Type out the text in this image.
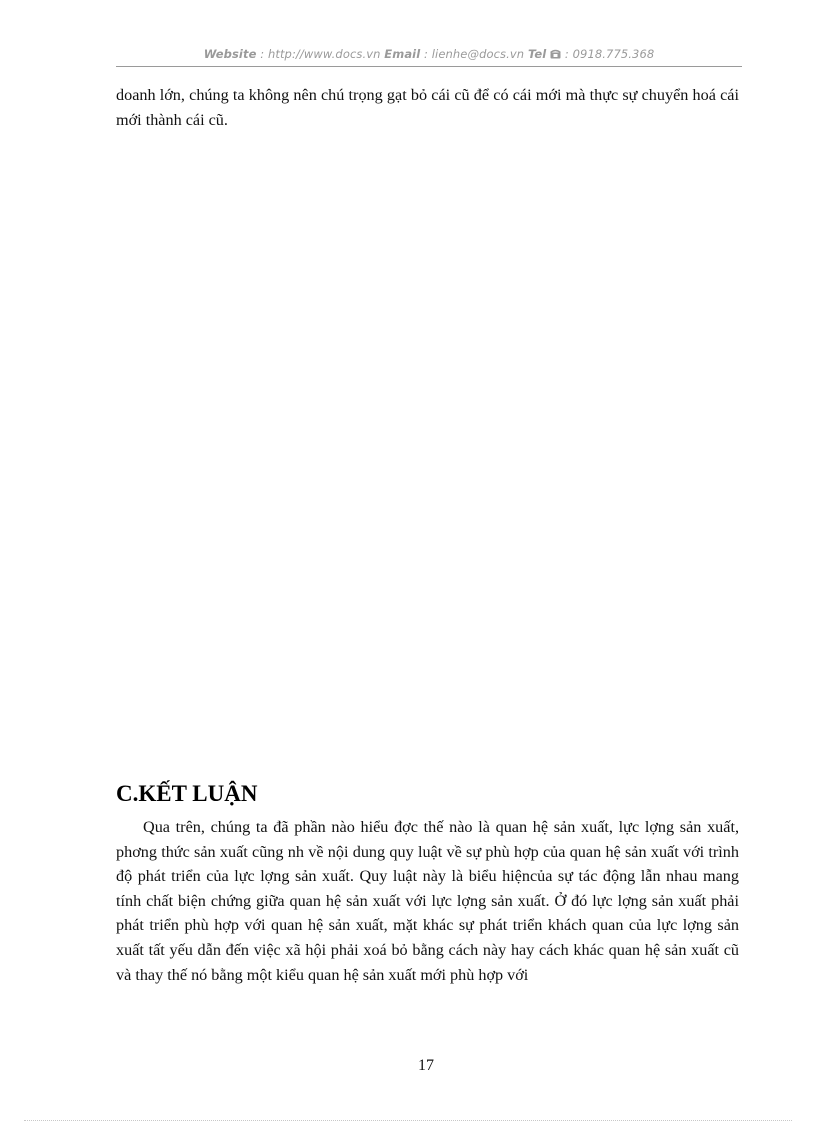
Website : http://www.docs.vn Email : lienhe@docs.vn Tel  : 0918.775.368

doanh lớn, chúng ta không nên chú trọng gạt bỏ cái cũ để có cái mới mà thực sự chuyển hoá cái mới thành cái cũ.

C.KẾT LUẬN

Qua trên, chúng ta đã phần nào hiểu đợc thế nào là quan hệ sản xuất, lực lợng sản xuất, phơng thức sản xuất cũng nh về nội dung quy luật về sự phù hợp của quan hệ sản xuất với trình độ phát triển của lực lợng sản xuất. Quy luật này là biểu hiệncủa sự tác động lẫn nhau mang tính chất biện chứng giữa quan hệ sản xuất với lực lợng sản xuất. Ở đó lực lợng sản xuất phải phát triển phù hợp với quan hệ sản xuất, mặt khác sự phát triển khách quan của lực lợng sản xuất tất yếu dẫn đến việc xã hội phải xoá bỏ bằng cách này hay cách khác quan hệ sản xuất cũ và thay thế nó bằng một kiểu quan hệ sản xuất mới phù hợp với

17
